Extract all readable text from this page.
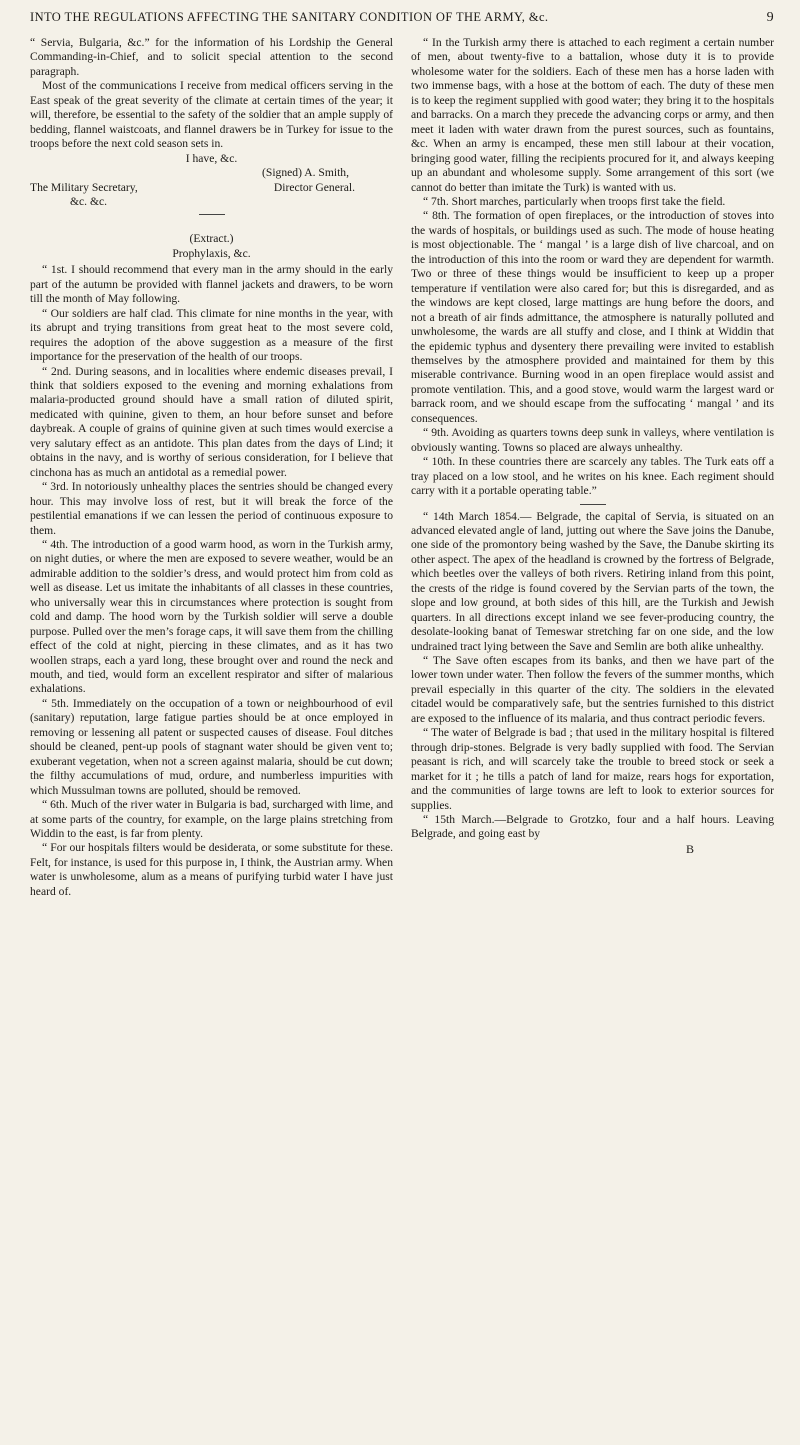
INTO THE REGULATIONS AFFECTING THE SANITARY CONDITION OF THE ARMY, &c.	9

“ Servia, Bulgaria, &c.” for the information of his Lordship the General Commanding-in-Chief, and to solicit special attention to the second paragraph.

Most of the communications I receive from medical officers serving in the East speak of the great severity of the climate at certain times of the year; it will, therefore, be essential to the safety of the soldier that an ample supply of bedding, flannel waistcoats, and flannel drawers be in Turkey for issue to the troops before the next cold season sets in.

I have, &c.

(Signed) A. Smith,

The Military Secretary,	Director General.

&c. &c.

(Extract.)

Prophylaxis, &c.

“ 1st. I should recommend that every man in the army should in the early part of the autumn be provided with flannel jackets and drawers, to be worn till the month of May following.

“ Our soldiers are half clad. This climate for nine months in the year, with its abrupt and trying transitions from great heat to the most severe cold, requires the adoption of the above suggestion as a measure of the first importance for the preservation of the health of our troops.

“ 2nd. During seasons, and in localities where endemic diseases prevail, I think that soldiers exposed to the evening and morning exhalations from malaria-producted ground should have a small ration of diluted spirit, medicated with quinine, given to them, an hour before sunset and before daybreak. A couple of grains of quinine given at such times would exercise a very salutary effect as an antidote. This plan dates from the days of Lind; it obtains in the navy, and is worthy of serious consideration, for I believe that cinchona has as much an antidotal as a remedial power.

“ 3rd. In notoriously unhealthy places the sentries should be changed every hour. This may involve loss of rest, but it will break the force of the pestilential emanations if we can lessen the period of continuous exposure to them.

“ 4th. The introduction of a good warm hood, as worn in the Turkish army, on night duties, or where the men are exposed to severe weather, would be an admirable addition to the soldier’s dress, and would protect him from cold as well as disease. Let us imitate the inhabitants of all classes in these countries, who universally wear this in circumstances where protection is sought from cold and damp. The hood worn by the Turkish soldier will serve a double purpose. Pulled over the men’s forage caps, it will save them from the chilling effect of the cold at night, piercing in these climates, and as it has two woollen straps, each a yard long, these brought over and round the neck and mouth, and tied, would form an excellent respirator and sifter of malarious exhalations.

“ 5th. Immediately on the occupation of a town or neighbourhood of evil (sanitary) reputation, large fatigue parties should be at once employed in removing or lessening all patent or suspected causes of disease. Foul ditches should be cleaned, pent-up pools of stagnant water should be given vent to; exuberant vegetation, when not a screen against malaria, should be cut down; the filthy accumulations of mud, ordure, and numberless impurities with which Mussulman towns are polluted, should be removed.

“ 6th. Much of the river water in Bulgaria is bad, surcharged with lime, and at some parts of the country, for example, on the large plains stretching from Widdin to the east, is far from plenty.

“ For our hospitals filters would be desiderata, or some substitute for these. Felt, for instance, is used for this purpose in, I think, the Austrian army. When water is unwholesome, alum as a means of purifying turbid water I have just heard of.

“ In the Turkish army there is attached to each regiment a certain number of men, about twenty-five to a battalion, whose duty it is to provide wholesome water for the soldiers. Each of these men has a horse laden with two immense bags, with a hose at the bottom of each. The duty of these men is to keep the regiment supplied with good water; they bring it to the hospitals and barracks. On a march they precede the advancing corps or army, and then meet it laden with water drawn from the purest sources, such as fountains, &c. When an army is encamped, these men still labour at their vocation, bringing good water, filling the recipients procured for it, and always keeping up an abundant and wholesome supply. Some arrangement of this sort (we cannot do better than imitate the Turk) is wanted with us.

“ 7th. Short marches, particularly when troops first take the field.

“ 8th. The formation of open fireplaces, or the introduction of stoves into the wards of hospitals, or buildings used as such. The mode of house heating is most objectionable. The ‘ mangal ’ is a large dish of live charcoal, and on the introduction of this into the room or ward they are dependent for warmth. Two or three of these things would be insufficient to keep up a proper temperature if ventilation were also cared for; but this is disregarded, and as the windows are kept closed, large mattings are hung before the doors, and not a breath of air finds admittance, the atmosphere is naturally polluted and unwholesome, the wards are all stuffy and close, and I think at Widdin that the epidemic typhus and dysentery there prevailing were invited to establish themselves by the atmosphere provided and maintained for them by this miserable contrivance. Burning wood in an open fireplace would assist and promote ventilation. This, and a good stove, would warm the largest ward or barrack room, and we should escape from the suffocating ‘ mangal ’ and its consequences.

“ 9th. Avoiding as quarters towns deep sunk in valleys, where ventilation is obviously wanting. Towns so placed are always unhealthy.

“ 10th. In these countries there are scarcely any tables. The Turk eats off a tray placed on a low stool, and he writes on his knee. Each regiment should carry with it a portable operating table.”

“ 14th March 1854.— Belgrade, the capital of Servia, is situated on an advanced elevated angle of land, jutting out where the Save joins the Danube, one side of the promontory being washed by the Save, the Danube skirting its other aspect. The apex of the headland is crowned by the fortress of Belgrade, which beetles over the valleys of both rivers. Retiring inland from this point, the crests of the ridge is found covered by the Servian parts of the town, the slope and low ground, at both sides of this hill, are the Turkish and Jewish quarters. In all directions except inland we see fever-producing country, the desolate-looking banat of Temeswar stretching far on one side, and the low undrained tract lying between the Save and Semlin are both alike unhealthy.

“ The Save often escapes from its banks, and then we have part of the lower town under water. Then follow the fevers of the summer months, which prevail especially in this quarter of the city. The soldiers in the elevated citadel would be comparatively safe, but the sentries furnished to this district are exposed to the influence of its malaria, and thus contract periodic fevers.

“ The water of Belgrade is bad ; that used in the military hospital is filtered through drip-stones. Belgrade is very badly supplied with food. The Servian peasant is rich, and will scarcely take the trouble to breed stock or seek a market for it ; he tills a patch of land for maize, rears hogs for exportation, and the communities of large towns are left to look to exterior sources for supplies.

“ 15th March.—Belgrade to Grotzko, four and a half hours. Leaving Belgrade, and going east by

B
